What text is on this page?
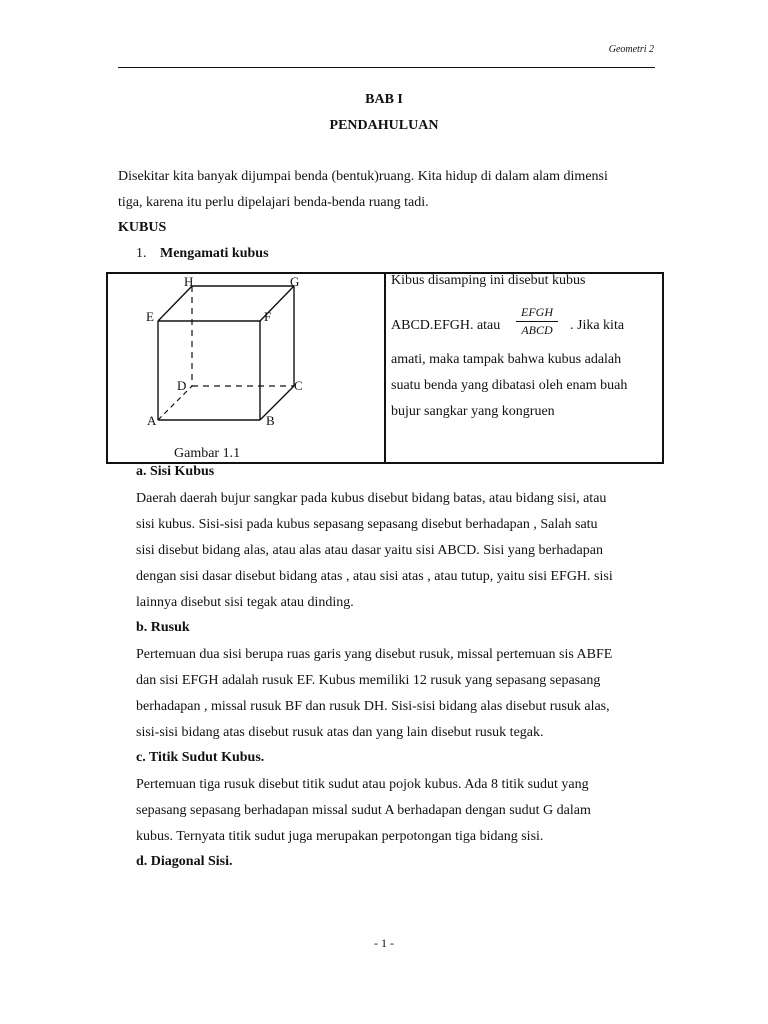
Geometri 2
BAB I
PENDAHULUAN
Disekitar kita banyak dijumpai benda (bentuk)ruang. Kita hidup di dalam alam dimensi
tiga, karena itu perlu dipelajari benda-benda ruang tadi.
KUBUS
1. Mengamati kubus
H	G
E	F
D	C
A	B
Gambar 1.1
Kibus disamping ini disebut kubus
ABCD.EFGH. atau
EFGH
ABCD	. Jika kita
amati, maka tampak bahwa kubus adalah
suatu benda yang dibatasi oleh enam buah
bujur sangkar yang kongruen
a. Sisi Kubus
Daerah daerah bujur sangkar pada kubus disebut bidang batas, atau bidang sisi, atau
sisi kubus. Sisi-sisi pada kubus sepasang sepasang disebut berhadapan , Salah satu
sisi disebut bidang alas, atau alas atau dasar yaitu sisi ABCD. Sisi yang berhadapan
dengan sisi dasar disebut bidang atas , atau sisi atas , atau tutup, yaitu sisi EFGH. sisi
lainnya disebut sisi tegak atau dinding.
b. Rusuk
Pertemuan dua sisi berupa ruas garis yang disebut rusuk, missal pertemuan sis ABFE
dan sisi EFGH adalah rusuk EF. Kubus memiliki 12 rusuk yang sepasang sepasang
berhadapan , missal rusuk BF dan rusuk DH. Sisi-sisi bidang alas disebut rusuk alas,
sisi-sisi bidang atas disebut rusuk atas dan yang lain disebut rusuk tegak.
c. Titik Sudut Kubus.
Pertemuan tiga rusuk disebut titik sudut atau pojok kubus. Ada 8 titik sudut yang
sepasang sepasang berhadapan missal sudut A berhadapan dengan sudut G dalam
kubus. Ternyata titik sudut juga merupakan perpotongan tiga bidang sisi.
d. Diagonal Sisi.
- 1 -
